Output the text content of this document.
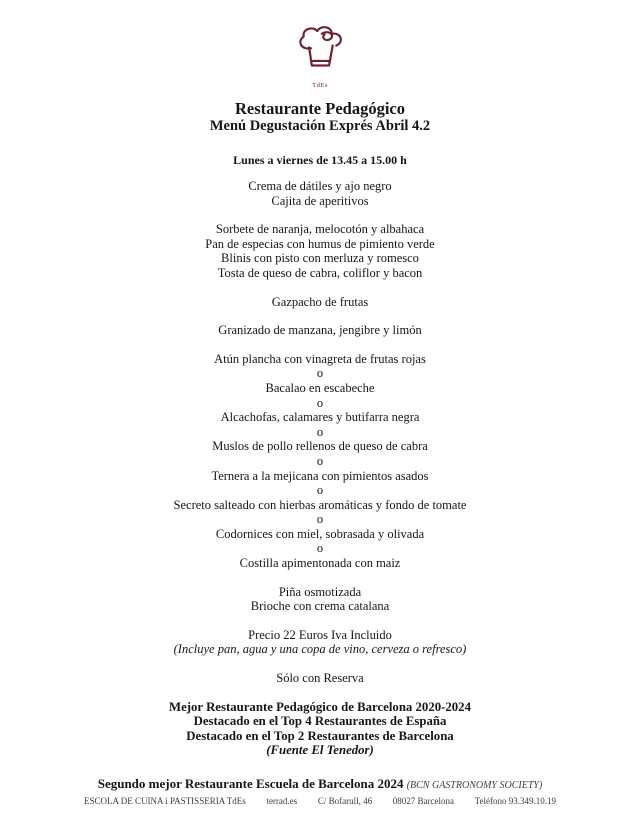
TdEs
Restaurante Pedagógico
Menú Degustación Exprés Abril 4.2
Lunes a viernes de 13.45 a 15.00 h
Crema de dátiles y ajo negro
Cajita de aperitivos
Sorbete de naranja, melocotón y albahaca
Pan de especias con humus de pimiento verde
Blinis con pisto con merluza y romesco
Tosta de queso de cabra, coliflor y bacon
Gazpacho de frutas
Granizado de manzana, jengibre y limón
Atún plancha con vinagreta de frutas rojas
o
Bacalao en escabeche
o
Alcachofas, calamares y butifarra negra
o
Muslos de pollo rellenos de queso de cabra
o
Ternera a la mejicana con pimientos asados
o
Secreto salteado con hierbas aromáticas y fondo de tomate
o
Codornices con miel, sobrasada y olivada
o
Costilla apimentonada con maiz
Piña osmotizada
Brioche con crema catalana
Precio 22 Euros Iva Incluido
(Incluye pan, agua y una copa de vino, cerveza o refresco)
Sólo con Reserva
Mejor Restaurante Pedagógico de Barcelona 2020-2024
Destacado en el Top 4 Restaurantes de España
Destacado en el Top 2 Restaurantes de Barcelona
(Fuente El Tenedor)
Segundo mejor Restaurante Escuela de Barcelona 2024 (BCN GASTRONOMY SOCIETY)
ESCOLA DE CUINA i PASTISSERIA TdEs terrad.es C/ Bofarull, 46 08027 Barcelona Teléfono 93.349.10.19
